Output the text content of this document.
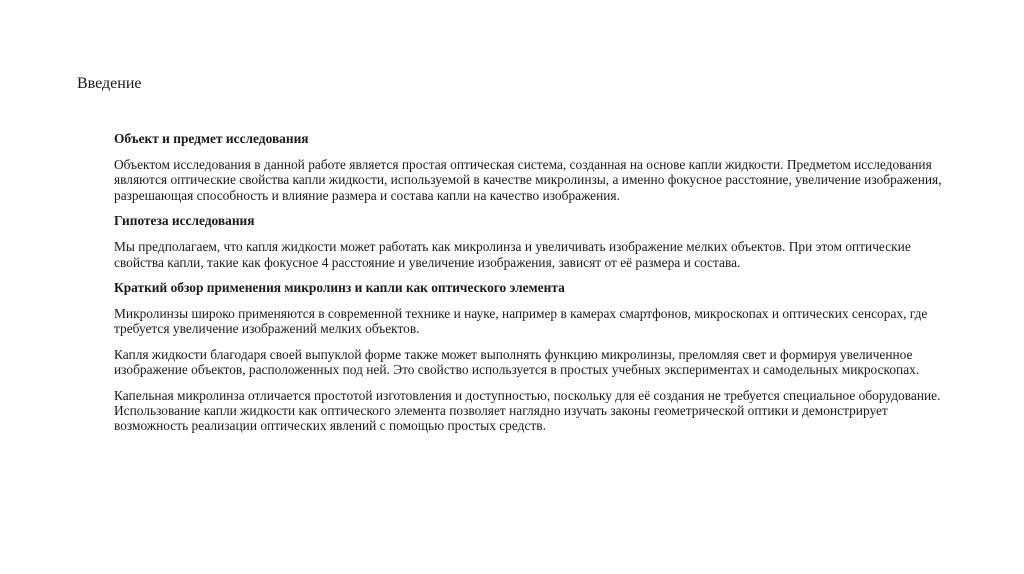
Введение

Объект и предмет исследования

Объектом исследования в данной работе является простая оптическая система, созданная на основе капли жидкости. Предметом исследования являются оптические свойства капли жидкости, используемой в качестве микролинзы, а именно фокусное расстояние, увеличение изображения, разрешающая способность и влияние размера и состава капли на качество изображения.

Гипотеза исследования

Мы предполагаем, что капля жидкости может работать как микролинза и увеличивать изображение мелких объектов. При этом оптические свойства капли, такие как фокусное 4 расстояние и увеличение изображения, зависят от её размера и состава.

Краткий обзор применения микролинз и капли как оптического элемента

Микролинзы широко применяются в современной технике и науке, например в камерах смартфонов, микроскопах и оптических сенсорах, где требуется увеличение изображений мелких объектов.

Капля жидкости благодаря своей выпуклой форме также может выполнять функцию микролинзы, преломляя свет и формируя увеличенное изображение объектов, расположенных под ней. Это свойство используется в простых учебных экспериментах и самодельных микроскопах.

Капельная микролинза отличается простотой изготовления и доступностью, поскольку для её создания не требуется специальное оборудование. Использование капли жидкости как оптического элемента позволяет наглядно изучать законы геометрической оптики и демонстрирует возможность реализации оптических явлений с помощью простых средств.
